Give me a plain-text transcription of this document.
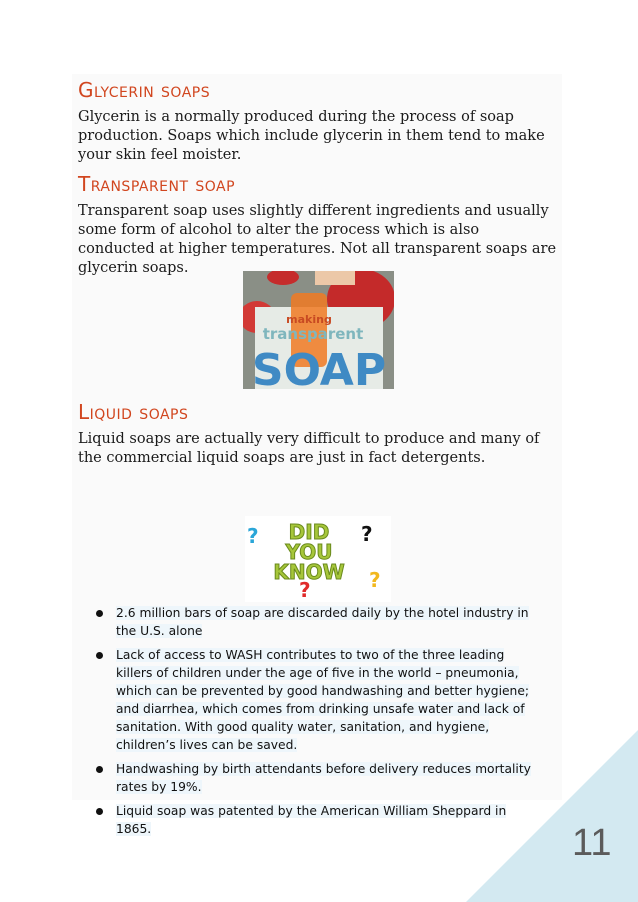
Glycerin soaps

Glycerin is a normally produced during the process of soap production. Soaps which include glycerin in them tend to make your skin feel moister.

Transparent soap

Transparent soap uses slightly different ingredients and usually some form of alcohol to alter the process which is also conducted at higher temperatures. Not all transparent soaps are glycerin soaps.

making
transparent
SOAP
Liquid soaps

Liquid soaps are actually very difficult to produce and many of the commercial liquid soaps are just in fact detergents.

DID
YOU
KNOW
?	?
?	?
2.6 million bars of soap are discarded daily by the hotel industry in the U.S. alone
Lack of access to WASH contributes to two of the three leading killers of children under the age of five in the world – pneumonia, which can be prevented by good handwashing and better hygiene; and diarrhea, which comes from drinking unsafe water and lack of sanitation. With good quality water, sanitation, and hygiene, children’s lives can be saved.
Handwashing by birth attendants before delivery reduces mortality rates by 19%.
Liquid soap was patented by the American William Sheppard in 1865.	11
